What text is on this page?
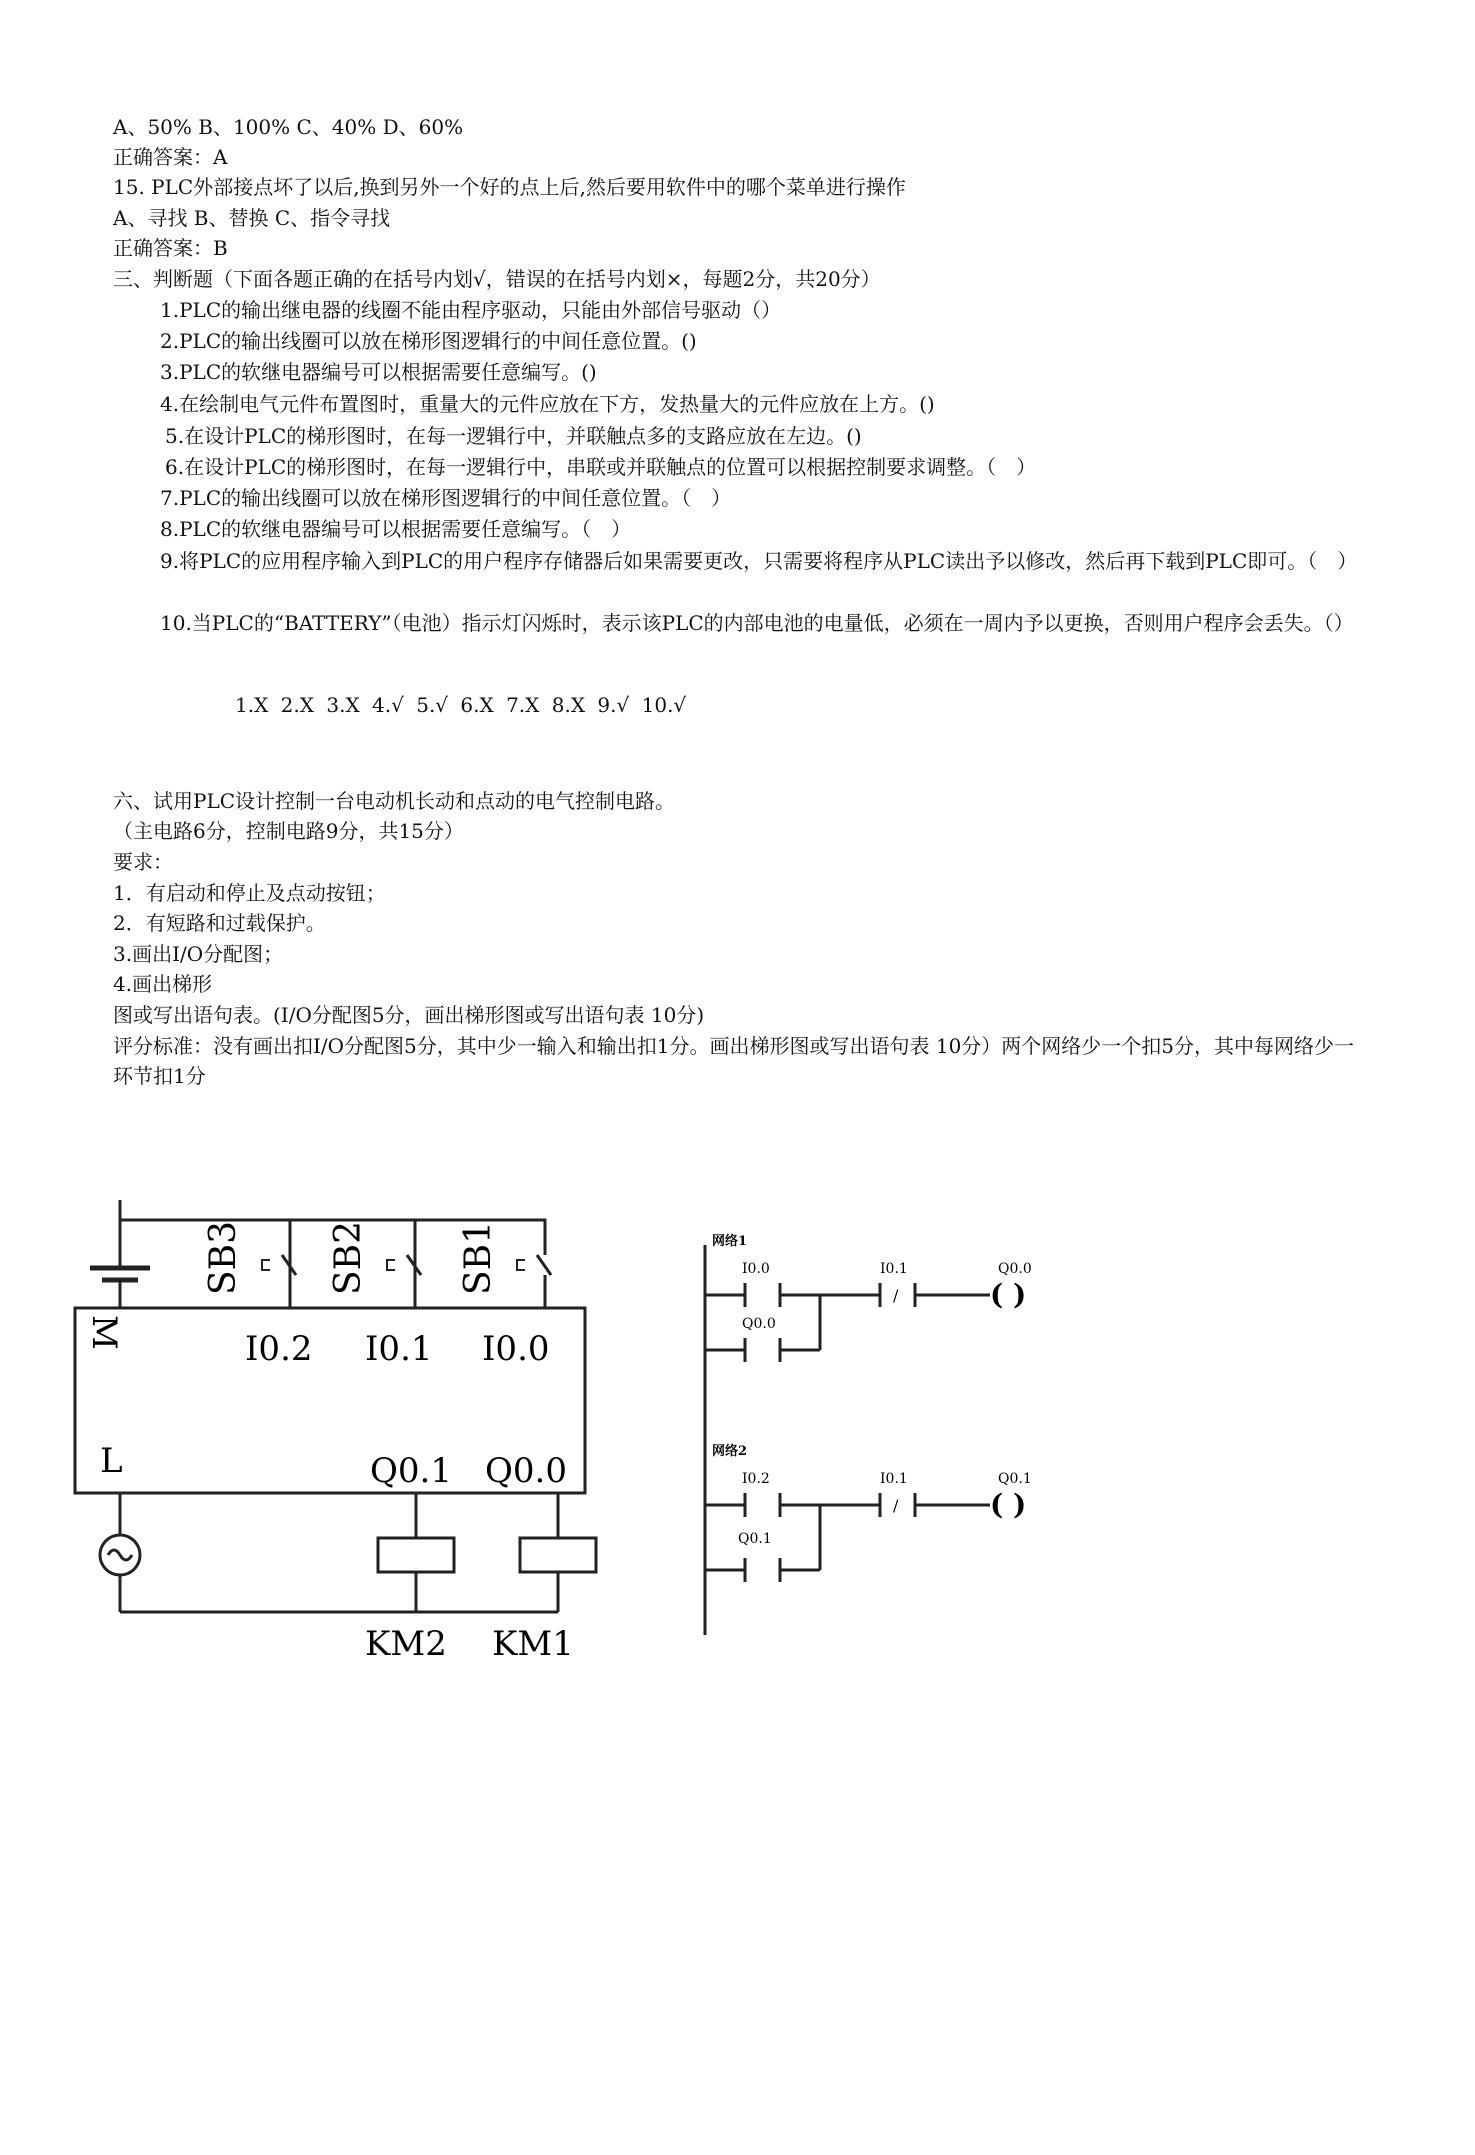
A、50% B、100% C、40% D、60%
正确答案：A
15. PLC外部接点坏了以后,换到另外一个好的点上后,然后要用软件中的哪个菜单进行操作
A、寻找 B、替换 C、指令寻找
正确答案：B
三、判断题（下面各题正确的在括号内划√，错误的在括号内划×，每题2分，共20分）
1.PLC的输出继电器的线圈不能由程序驱动，只能由外部信号驱动（）
2.PLC的输出线圈可以放在梯形图逻辑行的中间任意位置。()
3.PLC的软继电器编号可以根据需要任意编写。()
4.在绘制电气元件布置图时，重量大的元件应放在下方，发热量大的元件应放在上方。()
5.在设计PLC的梯形图时，在每一逻辑行中，并联触点多的支路应放在左边。()
6.在设计PLC的梯形图时，在每一逻辑行中，串联或并联触点的位置可以根据控制要求调整。（　）
7.PLC的输出线圈可以放在梯形图逻辑行的中间任意位置。（　）
8.PLC的软继电器编号可以根据需要任意编写。（　）
9.将PLC的应用程序输入到PLC的用户程序存储器后如果需要更改，只需要将程序从PLC读出予以修改，然后再下载到PLC即可。（　）
10.当PLC的“BATTERY”（电池）指示灯闪烁时，表示该PLC的内部电池的电量低，必须在一周内予以更换，否则用户程序会丢失。（）
1.X 2.X 3.X 4.√ 5.√ 6.X 7.X 8.X 9.√ 10.√
六、试用PLC设计控制一台电动机长动和点动的电气控制电路。
（主电路6分，控制电路9分，共15分）
要求：
1．有启动和停止及点动按钮；
2．有短路和过载保护。
3.画出I/O分配图；
4.画出梯形
图或写出语句表。(I/O分配图5分，画出梯形图或写出语句表 10分)
评分标准：没有画出扣I/O分配图5分，其中少一输入和输出扣1分。画出梯形图或写出语句表 10分）两个网络少一个扣5分，其中每网络少一环节扣1分
SB3 SB2 SB1
M	I0.2 I0.1 I0.0
L	Q0.1 Q0.0
KM2 KM1
网络1
I0.0	I0.1
/
Q0.0
( )
Q0.0
网络2
I0.2	I0.1
/
Q0.1
( )
Q0.1
